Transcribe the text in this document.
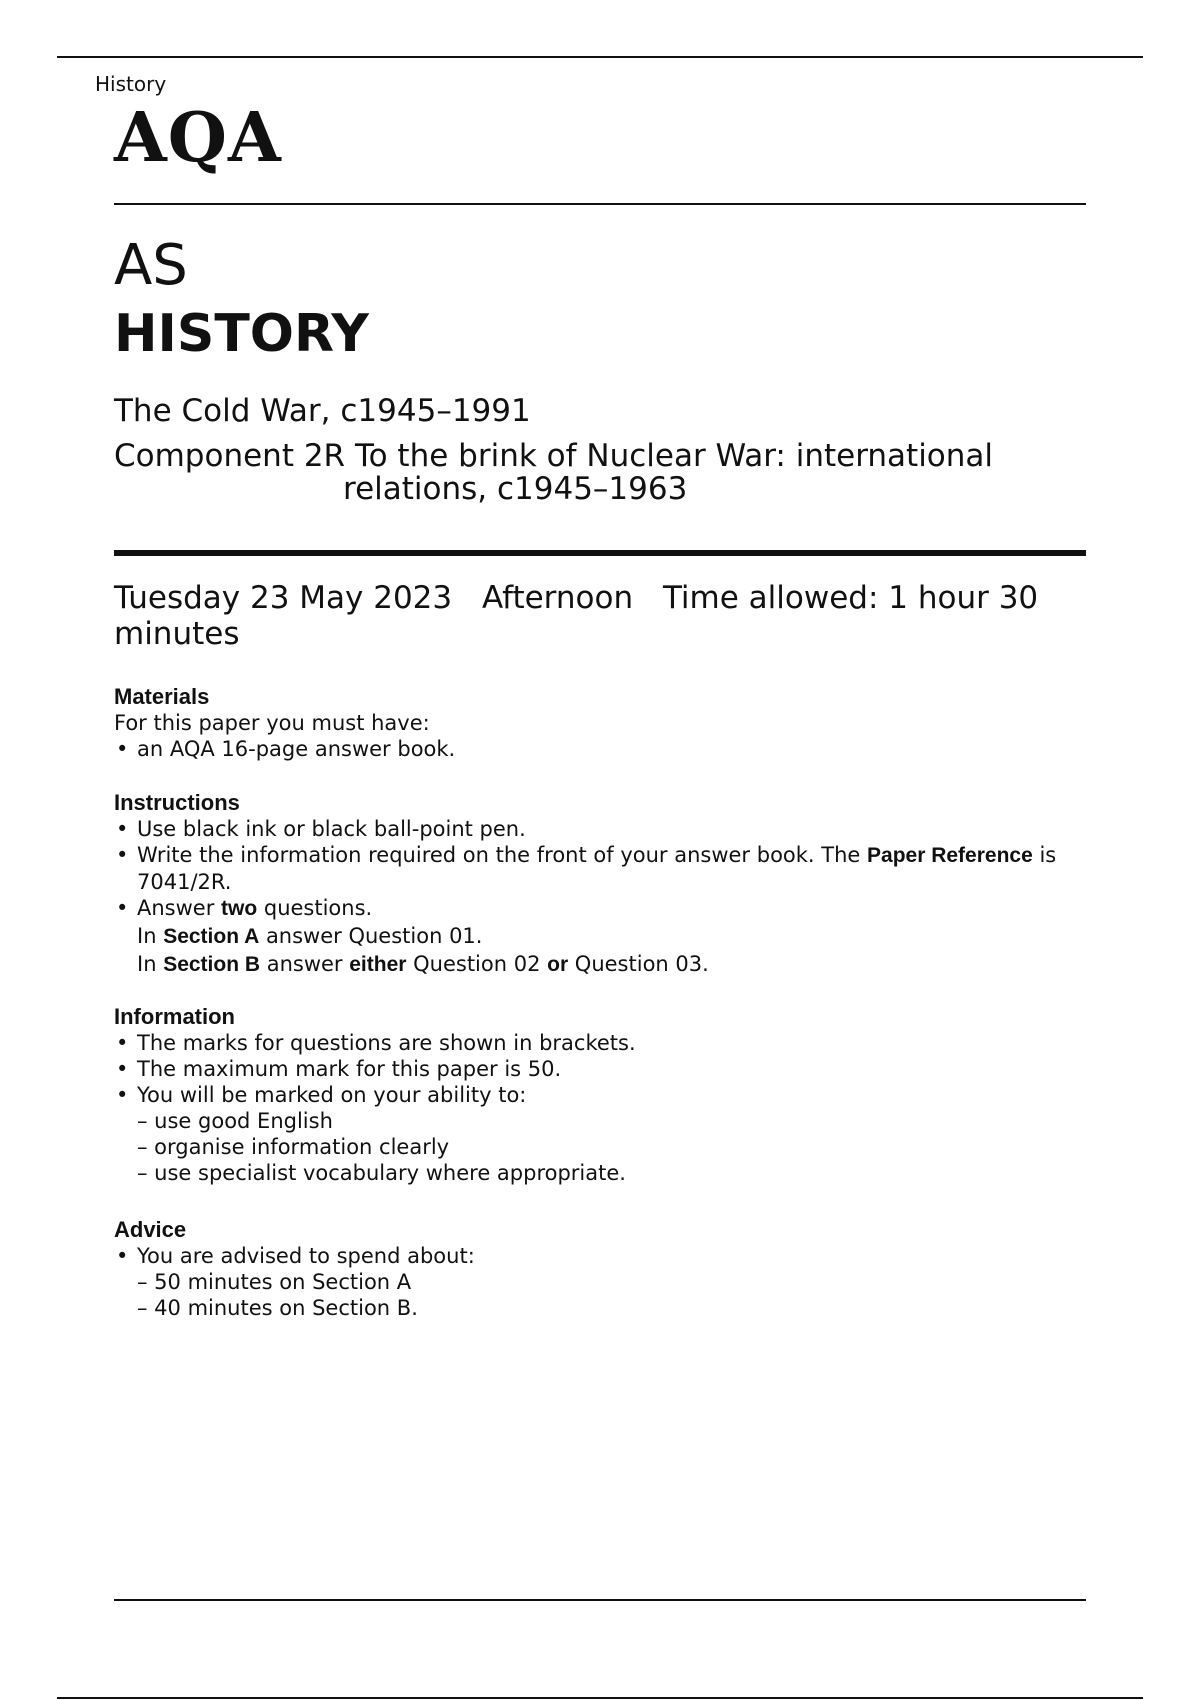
History
AQA
AS
HISTORY
The Cold War, c1945–1991
Component 2R To the brink of Nuclear War: international
relations, c1945–1963
Tuesday 23 May 2023 Afternoon Time allowed: 1 hour 30 minutes
Materials

For this paper you must have:

• an AQA 16-page answer book.
Instructions
• Use black ink or black ball-point pen.
• Write the information required on the front of your answer book. The Paper Reference is 7041/2R.
• Answer two questions.
In Section A answer Question 01.
In Section B answer either Question 02 or Question 03.
Information
• The marks for questions are shown in brackets.
• The maximum mark for this paper is 50.
• You will be marked on your ability to:
– use good English
– organise information clearly
– use specialist vocabulary where appropriate.
Advice
• You are advised to spend about:
– 50 minutes on Section A
– 40 minutes on Section B.
